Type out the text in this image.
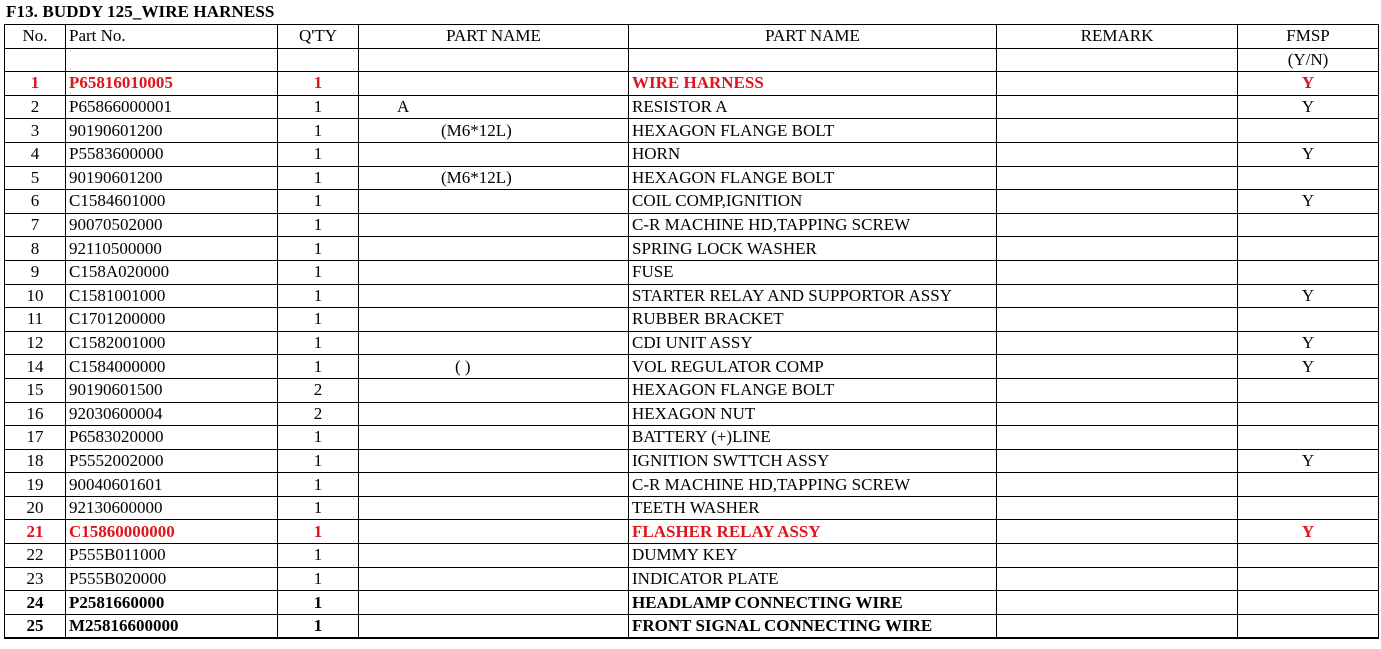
F13. BUDDY 125_WIRE HARNESS
No.	Part No.	Q'TY	PART NAME	PART NAME	REMARK	FMSP
						(Y/N)
1	P65816010005	1		WIRE HARNESS		Y
2	P65866000001	1	A	RESISTOR A		Y
3	90190601200	1	(M6*12L)	HEXAGON FLANGE BOLT		
4	P5583600000	1		HORN		Y
5	90190601200	1	(M6*12L)	HEXAGON FLANGE BOLT		
6	C1584601000	1		COIL COMP,IGNITION		Y
7	90070502000	1		C-R MACHINE HD,TAPPING SCREW		
8	92110500000	1		SPRING LOCK WASHER		
9	C158A020000	1		FUSE		
10	C1581001000	1		STARTER RELAY AND SUPPORTOR ASSY		Y
11	C1701200000	1		RUBBER BRACKET		
12	C1582001000	1		CDI UNIT ASSY		Y
14	C1584000000	1	( )	VOL REGULATOR COMP		Y
15	90190601500	2		HEXAGON FLANGE BOLT		
16	92030600004	2		HEXAGON NUT		
17	P6583020000	1		BATTERY (+)LINE		
18	P5552002000	1		IGNITION SWTTCH ASSY		Y
19	90040601601	1		C-R MACHINE HD,TAPPING SCREW		
20	92130600000	1		TEETH WASHER		
21	C15860000000	1		FLASHER RELAY ASSY		Y
22	P555B011000	1		DUMMY KEY		
23	P555B020000	1		INDICATOR PLATE		
24	P2581660000	1		HEADLAMP CONNECTING WIRE		
25	M25816600000	1		FRONT SIGNAL CONNECTING WIRE		
